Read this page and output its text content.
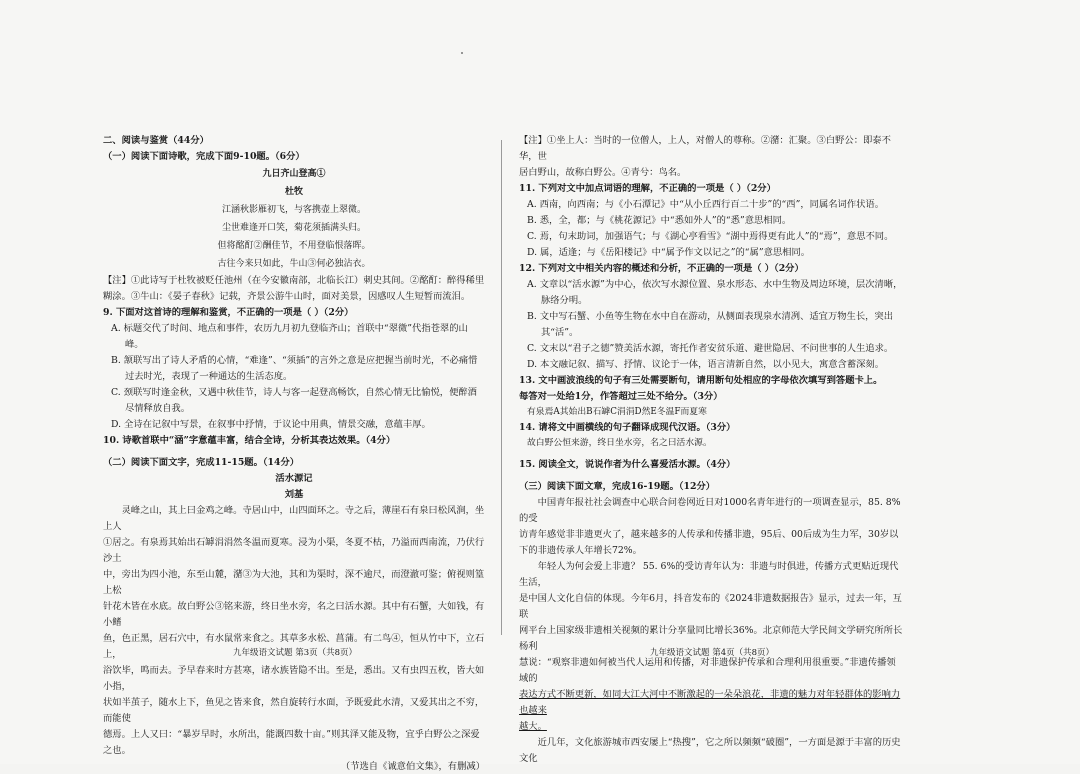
二、阅读与鉴赏（44分）

（一）阅读下面诗歌，完成下面9-10题。（6分）

九日齐山登高①

杜牧

江涵秋影雁初飞，与客携壶上翠微。

尘世难逢开口笑，菊花须插满头归。

但将酩酊②酬佳节，不用登临恨落晖。

古往今来只如此，牛山③何必独沾衣。

【注】①此诗写于杜牧被贬任池州（在今安徽南部，北临长江）刺史其间。②酩酊：醉得稀里

糊涂。③牛山：《晏子春秋》记载，齐景公游牛山时，面对美景，因感叹人生短暂而流泪。

9. 下面对这首诗的理解和鉴赏，不正确的一项是（ ）（2分）

A. 标题交代了时间、地点和事件，农历九月初九登临齐山；首联中“翠微”代指苍翠的山峰。

B. 颔联写出了诗人矛盾的心情，“难逢”、“须插”的言外之意是应把握当前时光，不必痛惜过去时光，表现了一种通达的生活态度。

C. 颈联写时逢金秋，又遇中秋佳节，诗人与客一起登高畅饮，自然心情无比愉悦，便醉酒尽情释放自我。

D. 全诗在记叙中写景，在叙事中抒情，于议论中用典，情景交融，意蕴丰厚。

10. 诗歌首联中“涵”字意蕴丰富，结合全诗，分析其表达效果。（4分）

（二）阅读下面文字，完成11-15题。（14分）

活水源记

刘基

灵峰之山，其上曰金鸡之峰。寺居山中，山四面环之。寺之后，薄崖石有泉曰松风涧，坐上人

①居之。有泉焉其始出石罅涓涓然冬温而夏寒。浸为小渠，冬夏不枯，乃溢而西南流，乃伏行沙土

中，旁出为四小池，东至山麓，潴③为大池，其和为渠时，深不逾尺，而澄澈可鉴；俯视则篁上松

针花木皆在水底。故白野公③铭来游，终日坐水旁，名之曰活水源。其中有石蟹，大如钱，有小鳍

鱼，色正黑，居石穴中，有水鼠常来食之。其草多水松、菖蒲。有二鸟④，恒从竹中下，立石上，

浴饮毕，鸣而去。予早春来时方甚寒，诸水族皆隐不出。至是，悉出。又有虫四五枚，皆大如小指，

状如半茧子，随水上下，鱼见之皆来食，然自旋转行水面，予既爱此水清，又爱其出之不穷，而能使

德焉。上人又曰：“暴岁早时，水所出，能溉四数十亩。”则其泽又能及物，宜乎白野公之深爱之也。

（节选自《诚意伯文集》，有删减）

【注】①坐上人：当时的一位僧人，上人，对僧人的尊称。②潴：汇聚。③白野公：即泰不华，世

居白野山，故称白野公。④青兮：鸟名。

11. 下列对文中加点词语的理解，不正确的一项是（ ）（2分）

A. 西南，向西南；与《小石潭记》中“从小丘西行百二十步”的“西”，同属名词作状语。

B. 悉，全，都；与《桃花源记》中“悉如外人”的“悉”意思相同。

C. 焉，句末助词，加强语气；与《湖心亭看雪》“湖中焉得更有此人”的“焉”，意思不同。

D. 属，适逢；与《岳阳楼记》中“属予作文以记之”的“属”意思相同。

12. 下列对文中相关内容的概述和分析，不正确的一项是（ ）（2分）

A. 文章以“活水源”为中心，依次写水源位置、泉水形态、水中生物及周边环境，层次清晰，脉络分明。

B. 文中写石蟹、小鱼等生物在水中自在游动，从侧面表现泉水清冽、适宜万物生长，突出其“活”。

C. 文末以“君子之德”赞美活水源，寄托作者安贫乐道、避世隐居、不问世事的人生追求。

D. 本文融记叙、描写、抒情、议论于一体，语言清新自然，以小见大，寓意含蓄深刻。

13. 文中画波浪线的句子有三处需要断句，请用断句处相应的字母依次填写到答题卡上。

每答对一处给1分，作答超过三处不给分。（3分）

有泉焉A其始出B石罅C涓涓D然E冬温F而夏寒

14. 请将文中画横线的句子翻译成现代汉语。（3分）

故白野公恒来游，终日坐水旁，名之曰活水源。

15. 阅读全文，说说作者为什么喜爱活水源。（4分）

（三）阅读下面文章，完成16-19题。（12分）

中国青年报社社会调查中心联合问卷网近日对1000名青年进行的一项调查显示，85. 8%的受

访青年感觉非非遗更火了，越来越多的人传承和传播非遗，95后、00后成为生力军，30岁以

下的非遗传承人年增长72%。

年轻人为何会爱上非遗？ 55. 6%的受访青年认为：非遗与时俱进，传播方式更贴近现代生活，

是中国人文化自信的体现。今年6月，抖音发布的《2024非遗数据报告》显示，过去一年，互联

网平台上国家级非遗相关视频的累计分享量同比增长36%。北京师范大学民间文学研究所所长杨利

慧说：“观察非遗如何被当代人运用和传播，对非遗保护传承和合理利用很重要。”非遗传播领域的

表达方式不断更新，如同大江大河中不断激起的一朵朵浪花，非遗的魅力对年轻群体的影响力也越来

越大。

近几年，文化旅游城市西安屡上“热搜”，它之所以频频“破圈”，一方面是源于丰富的历史文化

九年级语文试题 第3页（共8页）	九年级语文试题 第4页（共8页）
